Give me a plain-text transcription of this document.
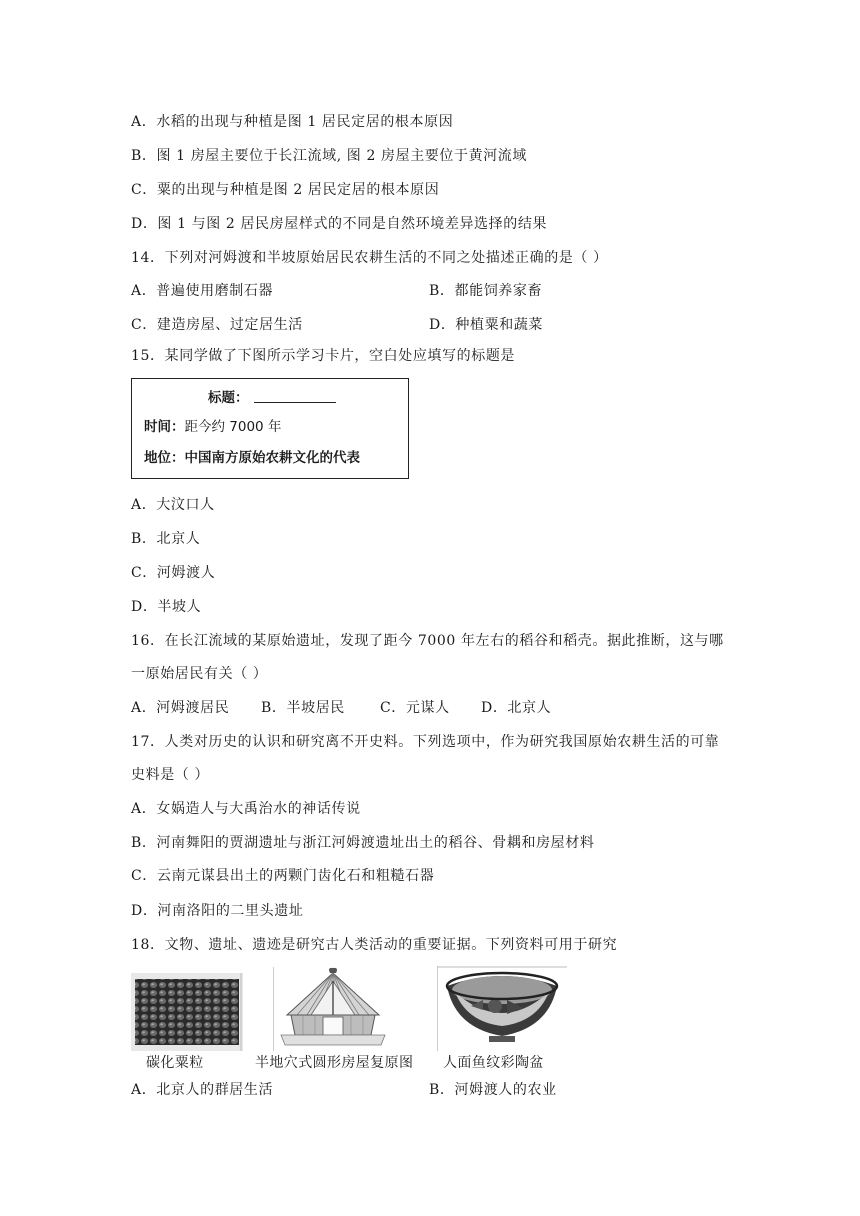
A．水稻的出现与种植是图 1 居民定居的根本原因
B．图 1 房屋主要位于长江流域, 图 2 房屋主要位于黄河流域
C．粟的出现与种植是图 2 居民定居的根本原因
D．图 1 与图 2 居民房屋样式的不同是自然环境差异选择的结果
14．下列对河姆渡和半坡原始居民农耕生活的不同之处描述正确的是（ ）
A．普遍使用磨制石器	B．都能饲养家畜
C．建造房屋、过定居生活	D．种植粟和蔬菜
15．某同学做了下图所示学习卡片，空白处应填写的标题是
标题：
时间：距今约 7000 年
地位：中国南方原始农耕文化的代表
A．大汶口人
B．北京人
C．河姆渡人
D．半坡人
16．在长江流域的某原始遗址，发现了距今 7000 年左右的稻谷和稻壳。据此推断，这与哪
一原始居民有关（ ）
A．河姆渡居民 B．半坡居民	C．元谋人 D．北京人
17．人类对历史的认识和研究离不开史料。下列选项中，作为研究我国原始农耕生活的可靠
史料是（ ）
A．女娲造人与大禹治水的神话传说
B．河南舞阳的贾湖遗址与浙江河姆渡遗址出土的稻谷、骨耦和房屋材料
C．云南元谋县出土的两颗门齿化石和粗糙石器
D．河南洛阳的二里头遗址
18．文物、遗址、遗迹是研究古人类活动的重要证据。下列资料可用于研究
碳化粟粒	半地穴式圆形房屋复原图 人面鱼纹彩陶盆
A．北京人的群居生活	B．河姆渡人的农业
